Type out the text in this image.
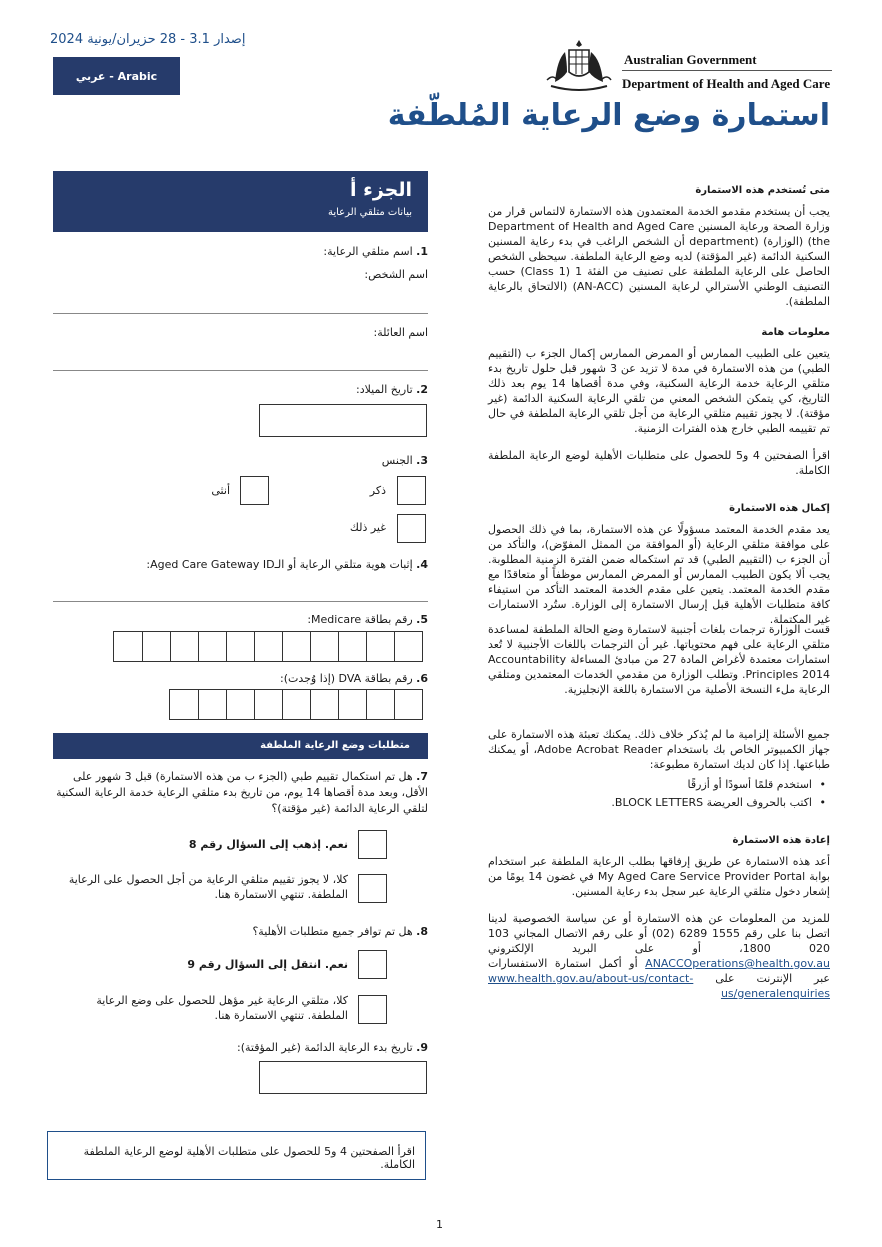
إصدار 3.1 - 28 حزيران/يونية 2024
Arabic - عربي
Australian Government
Department of Health and Aged Care
استمارة وضع الرعاية المُلطّفة
الجزء أ
بيانات متلقي الرعاية
1. اسم متلقي الرعاية:
اسم الشخص:
اسم العائلة:
2. تاريخ الميلاد:
3. الجنس
ذكر
أنثى
غير ذلك
4. إثبات هوية متلقي الرعاية أو الـAged Care Gateway ID:
5. رقم بطاقة Medicare:
6. رقم بطاقة DVA (إذا وُجدت):
متطلبات وضع الرعاية الملطفة
7. هل تم استكمال تقييم طبي (الجزء ب من هذه الاستمارة) قبل 3 شهور على الأقل، وبعد مدة أقصاها 14 يوم، من تاريخ بدء متلقي الرعاية خدمة الرعاية السكنية لتلقي الرعاية الدائمة (غير مؤقتة)؟
نعم. إذهب إلى السؤال رقم 8
كلا، لا يجوز تقييم متلقي الرعاية من أجل الحصول على الرعاية الملطفة. تنتهي الاستمارة هنا.
8. هل تم توافر جميع متطلبات الأهلية؟
نعم. انتقل إلى السؤال رقم 9
كلا، متلقي الرعاية غير مؤهل للحصول على وضع الرعاية الملطفة. تنتهي الاستمارة هنا.
9. تاريخ بدء الرعاية الدائمة (غير المؤقتة):
اقرأ الصفحتين 4 و5 للحصول على متطلبات الأهلية لوضع الرعاية الملطفة الكاملة.
متى تُستخدم هذه الاستمارة

يجب أن يستخدم مقدمو الخدمة المعتمدون هذه الاستمارة لالتماس قرار من وزارة الصحة ورعاية المسنين Department of Health and Aged Care (the (الوزارة) (department أن الشخص الراغب في بدء رعاية المسنين السكنية الدائمة (غير المؤقتة) لديه وضع الرعاية الملطفة. سيحظى الشخص الحاصل على الرعاية الملطفة على تصنيف من الفئة 1 (Class 1) حسب التصنيف الوطني الأسترالي لرعاية المسنين (AN-ACC) (الالتحاق بالرعاية الملطفة).

معلومات هامة

يتعين على الطبيب الممارس أو الممرض الممارس إكمال الجزء ب (التقييم الطبي) من هذه الاستمارة في مدة لا تزيد عن 3 شهور قبل حلول تاريخ بدء متلقي الرعاية خدمة الرعاية السكنية، وفي مدة أقصاها 14 يوم بعد ذلك التاريخ، كي يتمكن الشخص المعني من تلقي الرعاية السكنية الدائمة (غير مؤقتة). لا يجوز تقييم متلقي الرعاية من أجل تلقي الرعاية الملطفة في حال تم تقييمه الطبي خارج هذه الفترات الزمنية.

اقرأ الصفحتين 4 و5 للحصول على متطلبات الأهلية لوضع الرعاية الملطفة الكاملة.

إكمال هذه الاستمارة

يعد مقدم الخدمة المعتمد مسؤولًا عن هذه الاستمارة، بما في ذلك الحصول على موافقة متلقي الرعاية (أو الموافقة من الممثل المفوّض)، والتأكد من أن الجزء ب (التقييم الطبي) قد تم استكماله ضمن الفترة الزمنية المطلوبة. يجب ألا يكون الطبيب الممارس أو الممرض الممارس موظفاً أو متعاقدًا مع مقدم الخدمة المعتمد. يتعين على مقدم الخدمة المعتمد التأكد من استيفاء كافة متطلبات الأهلية قبل إرسال الاستمارة إلى الوزارة. ستُرد الاستمارات غير المكتملة.

قست الوزارة ترجمات بلغات أجنبية لاستمارة وضع الحالة الملطفة لمساعدة متلقي الرعاية على فهم محتوياتها. غير أن الترجمات باللغات الأجنبية لا تُعد استمارات معتمدة لأغراض المادة 27 من مبادئ المساءلة Accountability Principles 2014. وتطلب الوزارة من مقدمي الخدمات المعتمدين ومتلقي الرعاية ملء النسخة الأصلية من الاستمارة باللغة الإنجليزية.

جميع الأسئلة إلزامية ما لم يُذكر خلاف ذلك. يمكنك تعبئة هذه الاستمارة على جهاز الكمبيوتر الخاص بك باستخدام Adobe Acrobat Reader، أو يمكنك طباعتها. إذا كان لديك استمارة مطبوعة:

• استخدم قلمًا أسودًا أو أزرقًا
• اكتب بالحروف العريضة BLOCK LETTERS.
إعادة هذه الاستمارة

أعد هذه الاستمارة عن طريق إرفاقها بطلب الرعاية الملطفة عبر استخدام بوابة My Aged Care Service Provider Portal في غضون 14 يومًا من إشعار دخول متلقي الرعاية عبر سجل بدء رعاية المسنين.

للمزيد من المعلومات عن هذه الاستمارة أو عن سياسة الخصوصية لدينا اتصل بنا على رقم 1555 6289 (02) أو على رقم الاتصال المجاني 103 020 1800، أو على البريد الإلكتروني ANACCOperations@health.gov.au أو أكمل استمارة الاستفسارات عبر الإنترنت على www.health.gov.au/about-us/contact-us/generalenquiries

1
